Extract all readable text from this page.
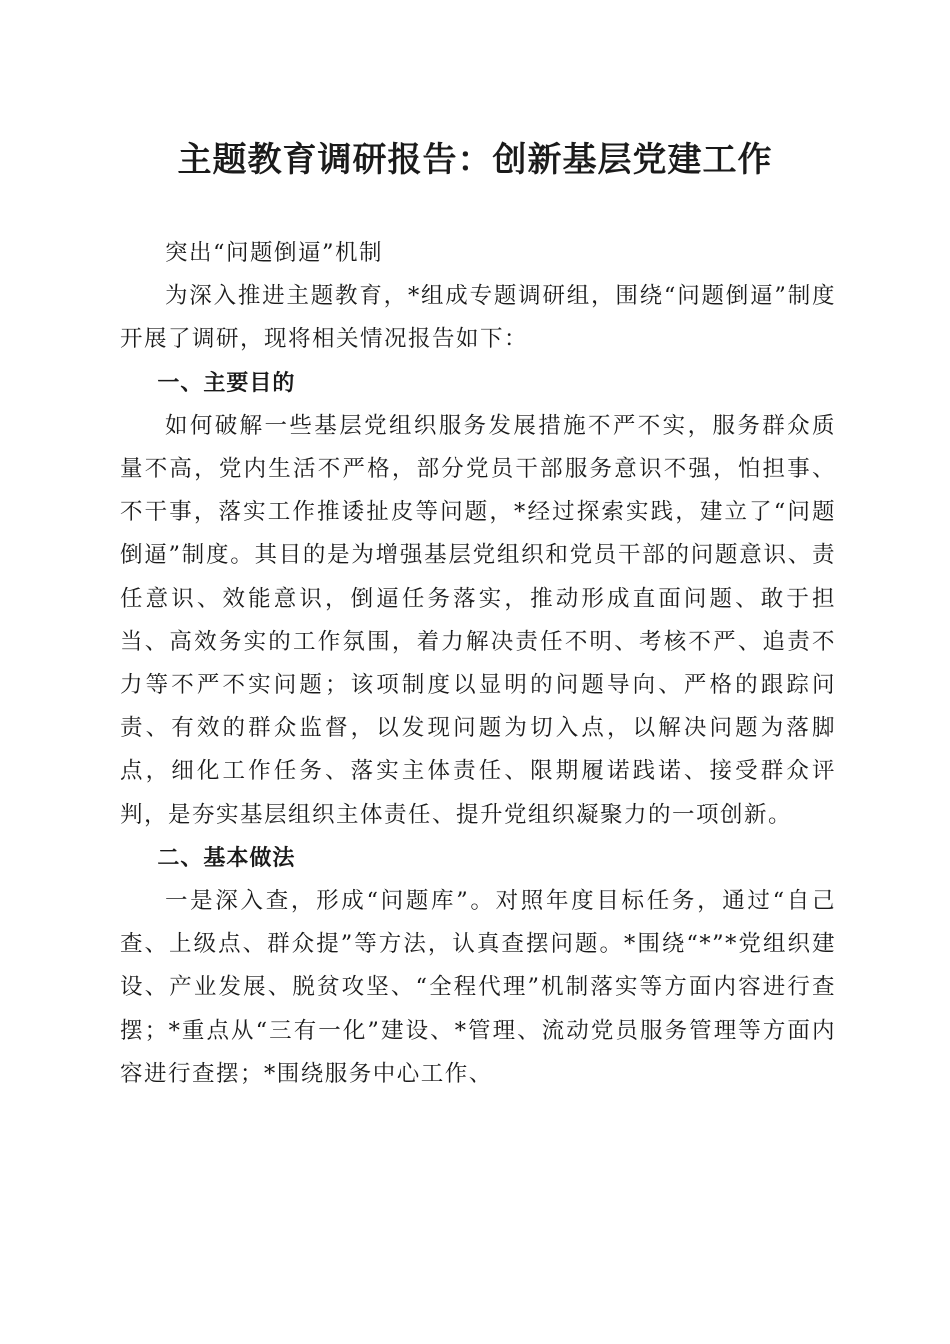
主题教育调研报告：创新基层党建工作

突出“问题倒逼”机制

为深入推进主题教育，*组成专题调研组，围绕“问题倒逼”制度开展了调研，现将相关情况报告如下：

一、主要目的

如何破解一些基层党组织服务发展措施不严不实，服务群众质量不高，党内生活不严格，部分党员干部服务意识不强，怕担事、不干事，落实工作推诿扯皮等问题，*经过探索实践，建立了“问题倒逼”制度。其目的是为增强基层党组织和党员干部的问题意识、责任意识、效能意识，倒逼任务落实，推动形成直面问题、敢于担当、高效务实的工作氛围，着力解决责任不明、考核不严、追责不力等不严不实问题；该项制度以显明的问题导向、严格的跟踪问责、有效的群众监督，以发现问题为切入点，以解决问题为落脚点，细化工作任务、落实主体责任、限期履诺践诺、接受群众评判，是夯实基层组织主体责任、提升党组织凝聚力的一项创新。

二、基本做法

一是深入查，形成“问题库”。对照年度目标任务，通过“自己查、上级点、群众提”等方法，认真查摆问题。*围绕“*”*党组织建设、产业发展、脱贫攻坚、“全程代理”机制落实等方面内容进行查摆；*重点从“三有一化”建设、*管理、流动党员服务管理等方面内容进行查摆；*围绕服务中心工作、
